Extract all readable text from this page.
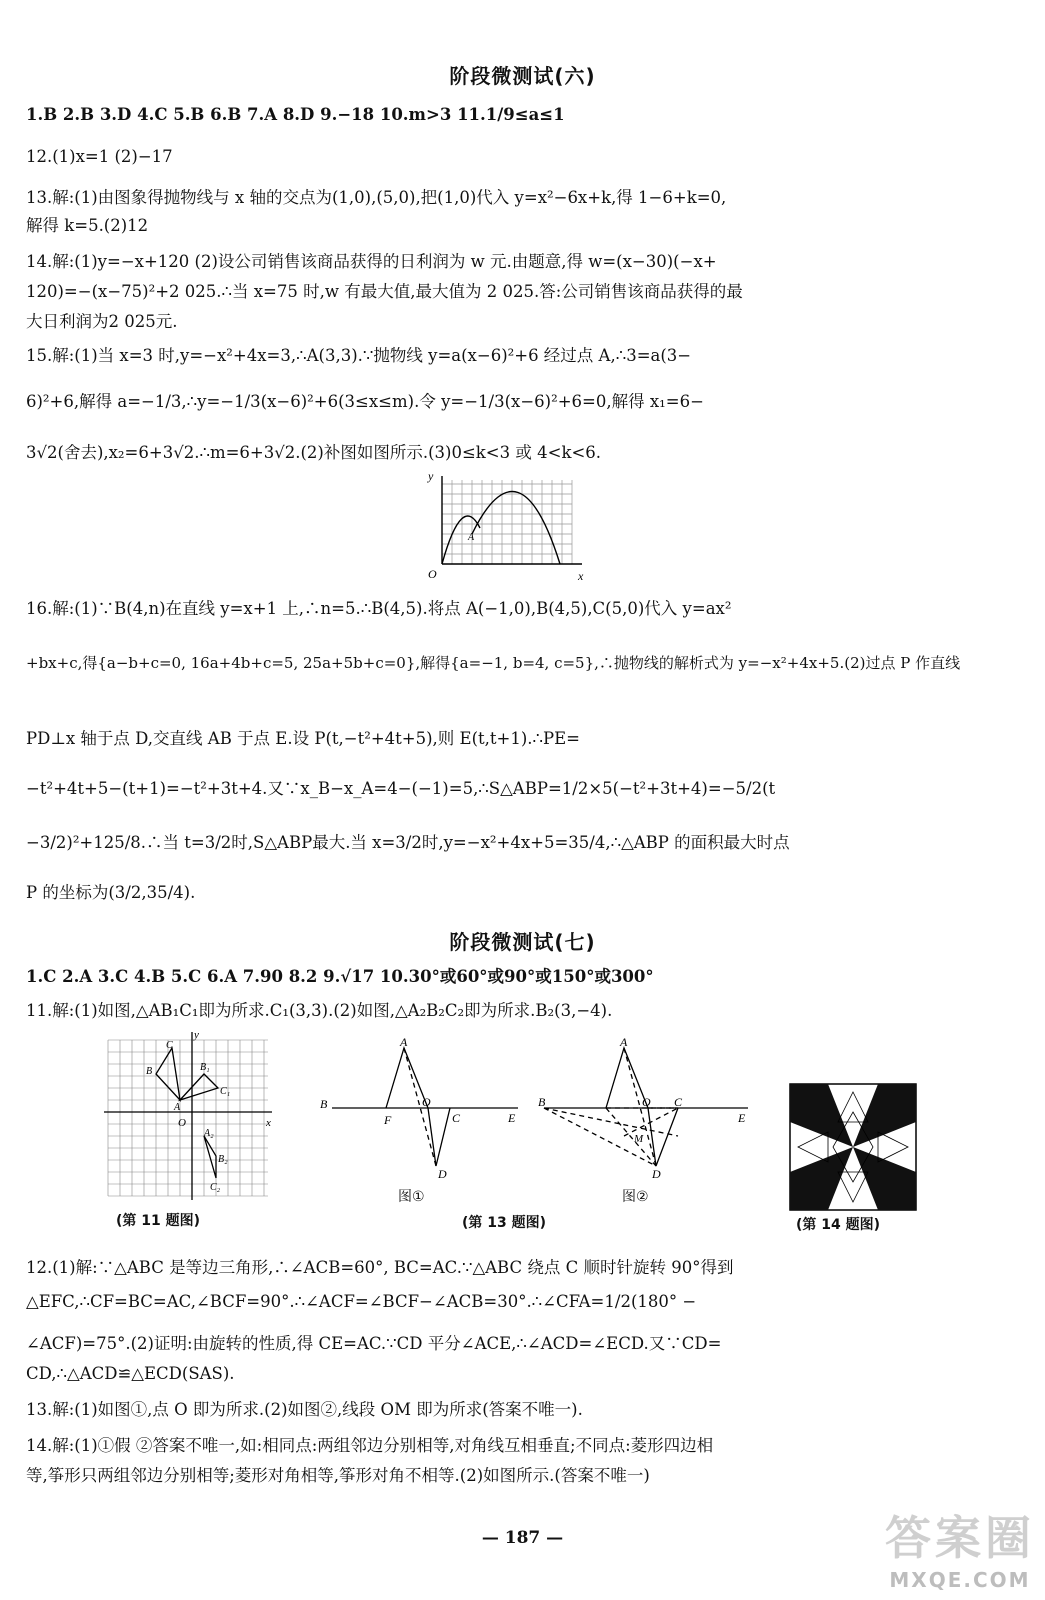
阶段微测试(六)
1.B 2.B 3.D 4.C 5.B 6.B 7.A 8.D 9.−18 10.m>3 11.1/9≤a≤1
12.(1)x=1 (2)−17
13.解:(1)由图象得抛物线与 x 轴的交点为(1,0),(5,0),把(1,0)代入 y=x²−6x+k,得 1−6+k=0,
解得 k=5.(2)12
14.解:(1)y=−x+120 (2)设公司销售该商品获得的日利润为 w 元.由题意,得 w=(x−30)(−x+
120)=−(x−75)²+2 025.∴当 x=75 时,w 有最大值,最大值为 2 025.答:公司销售该商品获得的最
大日利润为2 025元.
15.解:(1)当 x=3 时,y=−x²+4x=3,∴A(3,3).∵抛物线 y=a(x−6)²+6 经过点 A,∴3=a(3−
6)²+6,解得 a=−1/3,∴y=−1/3(x−6)²+6(3≤x≤m).令 y=−1/3(x−6)²+6=0,解得 x₁=6−
3√2(舍去),x₂=6+3√2.∴m=6+3√2.(2)补图如图所示.(3)0≤k<3 或 4<k<6.
y
x
O
A
16.解:(1)∵B(4,n)在直线 y=x+1 上,∴n=5.∴B(4,5).将点 A(−1,0),B(4,5),C(5,0)代入 y=ax²
+bx+c,得{a−b+c=0, 16a+4b+c=5, 25a+5b+c=0},解得{a=−1, b=4, c=5},∴抛物线的解析式为 y=−x²+4x+5.(2)过点 P 作直线
PD⊥x 轴于点 D,交直线 AB 于点 E.设 P(t,−t²+4t+5),则 E(t,t+1).∴PE=
−t²+4t+5−(t+1)=−t²+3t+4.又∵x_B−x_A=4−(−1)=5,∴S△ABP=1/2×5(−t²+3t+4)=−5/2(t
−3/2)²+125/8.∴当 t=3/2时,S△ABP最大.当 x=3/2时,y=−x²+4x+5=35/4,∴△ABP 的面积最大时点
P 的坐标为(3/2,35/4).
阶段微测试(七)
1.C 2.A 3.C 4.B 5.C 6.A 7.90 8.2 9.√17 10.30°或60°或90°或150°或300°
11.解:(1)如图,△AB₁C₁即为所求.C₁(3,3).(2)如图,△A₂B₂C₂即为所求.B₂(3,−4).
y
x
O
A
B
C
B₁
C₁
A₂
B₂
C₂
(第 11 题图)
B
A
F
O
C	E
D
图①
B
A
O C
E
M
D
图②
(第 13 题图)	(第 14 题图)
12.(1)解:∵△ABC 是等边三角形,∴∠ACB=60°, BC=AC.∵△ABC 绕点 C 顺时针旋转 90°得到
△EFC,∴CF=BC=AC,∠BCF=90°.∴∠ACF=∠BCF−∠ACB=30°.∴∠CFA=1/2(180° −
∠ACF)=75°.(2)证明:由旋转的性质,得 CE=AC.∵CD 平分∠ACE,∴∠ACD=∠ECD.又∵CD=
CD,∴△ACD≌△ECD(SAS).
13.解:(1)如图①,点 O 即为所求.(2)如图②,线段 OM 即为所求(答案不唯一).
14.解:(1)①假 ②答案不唯一,如:相同点:两组邻边分别相等,对角线互相垂直;不同点:菱形四边相
等,筝形只两组邻边分别相等;菱形对角相等,筝形对角不相等.(2)如图所示.(答案不唯一)
— 187 —	答案圈
MXQE.COM
